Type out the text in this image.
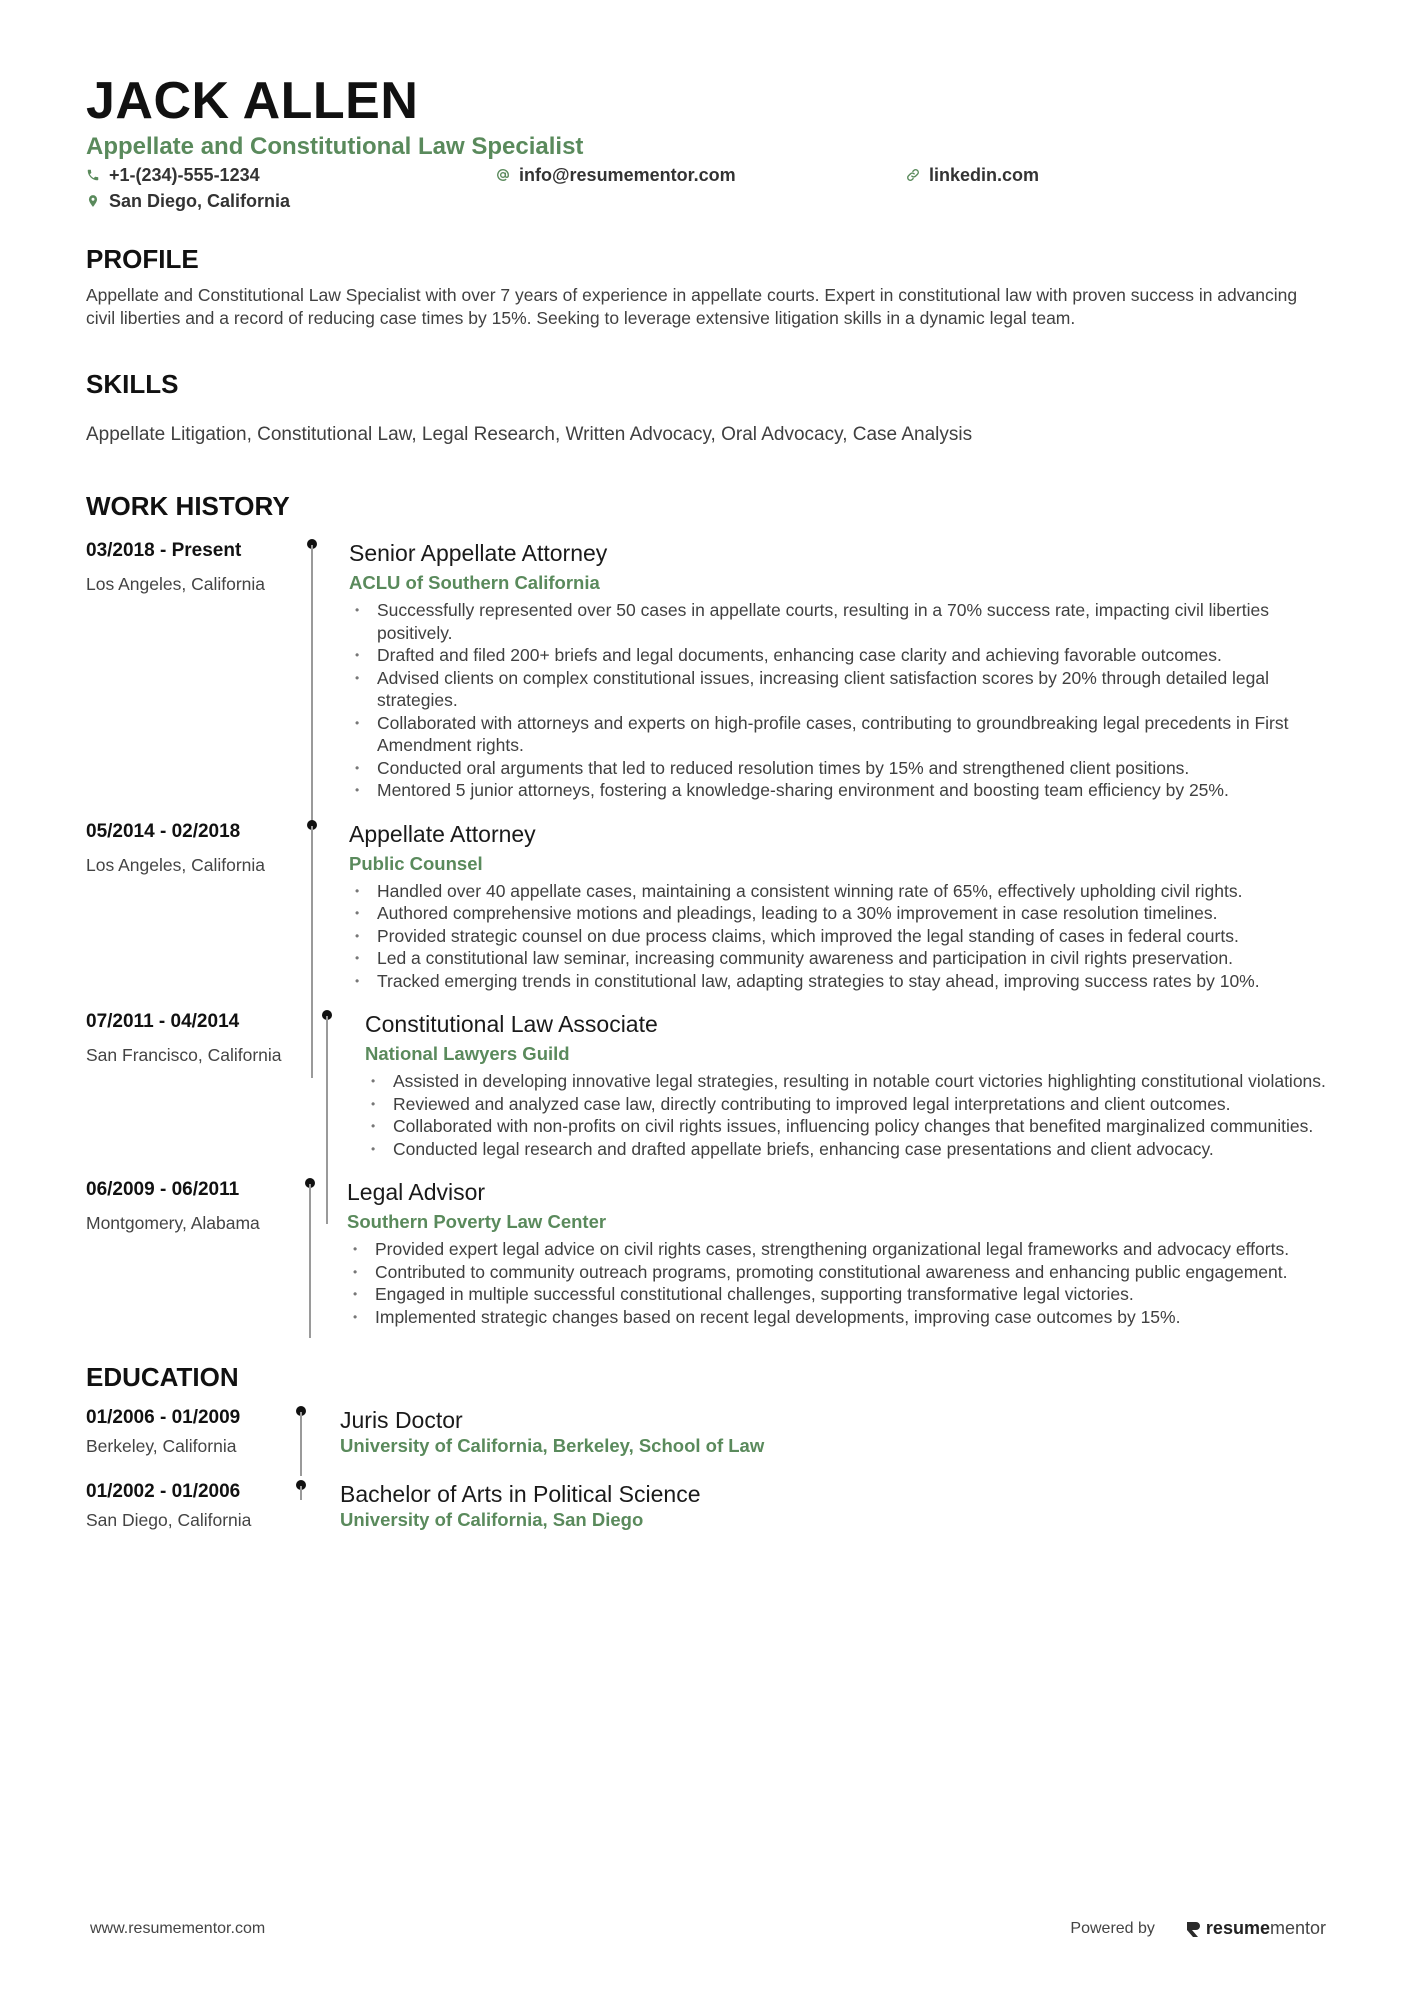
JACK ALLEN
Appellate and Constitutional Law Specialist
+1-(234)-555-1234	info@resumementor.com	linkedin.com
San Diego, California
PROFILE
Appellate and Constitutional Law Specialist with over 7 years of experience in appellate courts. Expert in constitutional law with proven success in advancing civil liberties and a record of reducing case times by 15%. Seeking to leverage extensive litigation skills in a dynamic legal team.
SKILLS
Appellate Litigation, Constitutional Law, Legal Research, Written Advocacy, Oral Advocacy, Case Analysis
WORK HISTORY
03/2018 - Present
Los Angeles, California
Senior Appellate Attorney
ACLU of Southern California
• Successfully represented over 50 cases in appellate courts, resulting in a 70% success rate, impacting civil liberties positively.
• Drafted and filed 200+ briefs and legal documents, enhancing case clarity and achieving favorable outcomes.
• Advised clients on complex constitutional issues, increasing client satisfaction scores by 20% through detailed legal strategies.
• Collaborated with attorneys and experts on high-profile cases, contributing to groundbreaking legal precedents in First Amendment rights.
• Conducted oral arguments that led to reduced resolution times by 15% and strengthened client positions.
• Mentored 5 junior attorneys, fostering a knowledge-sharing environment and boosting team efficiency by 25%.
05/2014 - 02/2018
Los Angeles, California
Appellate Attorney
Public Counsel
• Handled over 40 appellate cases, maintaining a consistent winning rate of 65%, effectively upholding civil rights.
• Authored comprehensive motions and pleadings, leading to a 30% improvement in case resolution timelines.
• Provided strategic counsel on due process claims, which improved the legal standing of cases in federal courts.
• Led a constitutional law seminar, increasing community awareness and participation in civil rights preservation.
• Tracked emerging trends in constitutional law, adapting strategies to stay ahead, improving success rates by 10%.
07/2011 - 04/2014
San Francisco, California
Constitutional Law Associate
National Lawyers Guild
• Assisted in developing innovative legal strategies, resulting in notable court victories highlighting constitutional violations.
• Reviewed and analyzed case law, directly contributing to improved legal interpretations and client outcomes.
• Collaborated with non-profits on civil rights issues, influencing policy changes that benefited marginalized communities.
• Conducted legal research and drafted appellate briefs, enhancing case presentations and client advocacy.
06/2009 - 06/2011
Montgomery, Alabama
Legal Advisor
Southern Poverty Law Center
• Provided expert legal advice on civil rights cases, strengthening organizational legal frameworks and advocacy efforts.
• Contributed to community outreach programs, promoting constitutional awareness and enhancing public engagement.
• Engaged in multiple successful constitutional challenges, supporting transformative legal victories.
• Implemented strategic changes based on recent legal developments, improving case outcomes by 15%.
EDUCATION
01/2006 - 01/2009
Berkeley, California
Juris Doctor
University of California, Berkeley, School of Law
01/2002 - 01/2006
San Diego, California
Bachelor of Arts in Political Science
University of California, San Diego
www.resumementor.com	Powered by	resume mentor
